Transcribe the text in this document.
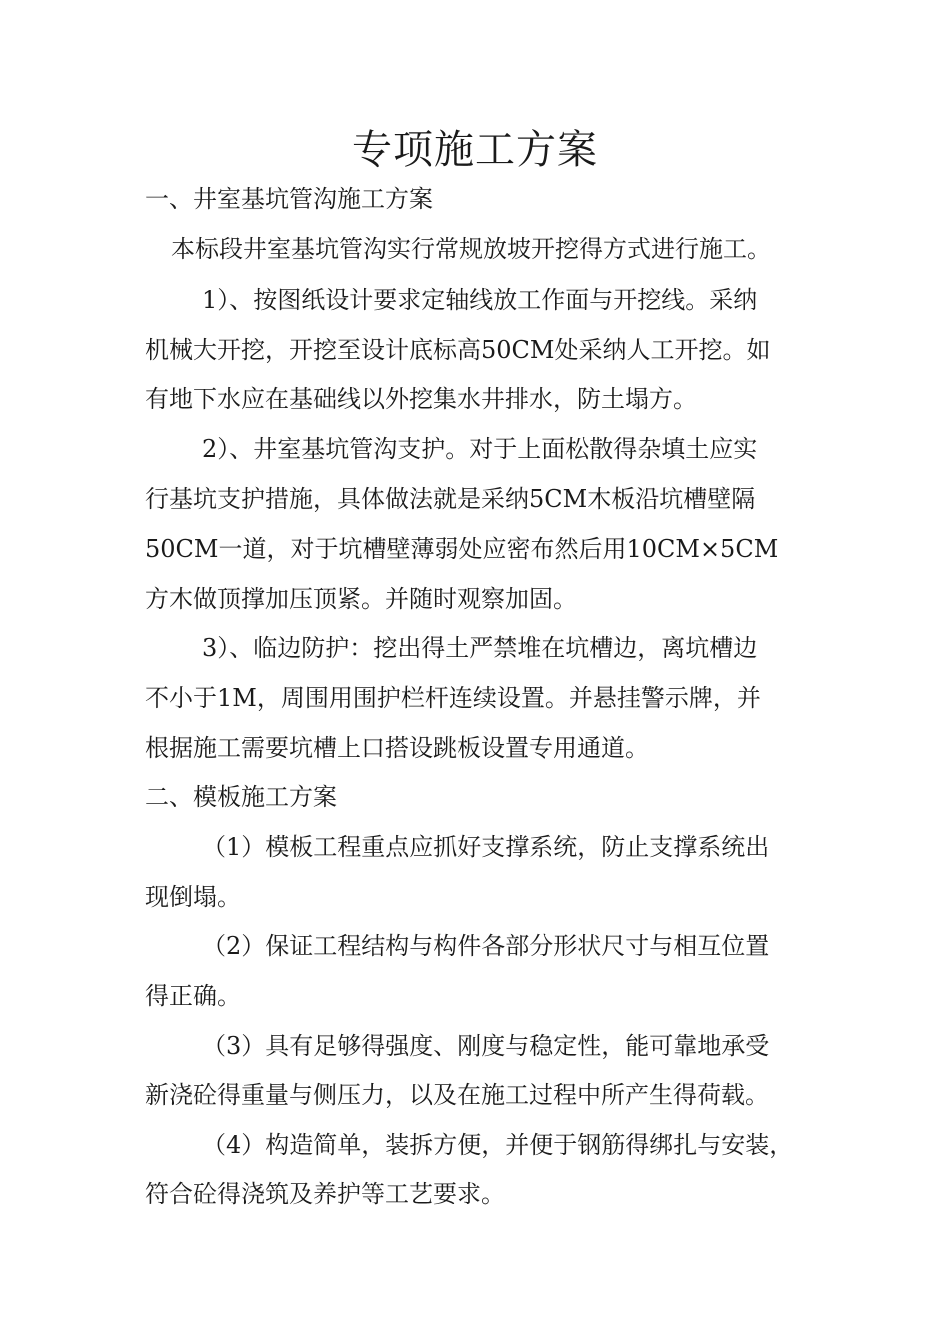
专项施工方案
一、井室基坑管沟施工方案
本标段井室基坑管沟实行常规放坡开挖得方式进行施工。
1）、按图纸设计要求定轴线放工作面与开挖线。采纳
机械大开挖，开挖至设计底标高50CM处采纳人工开挖。如
有地下水应在基础线以外挖集水井排水，防土塌方。
2）、井室基坑管沟支护。对于上面松散得杂填土应实
行基坑支护措施，具体做法就是采纳5CM木板沿坑槽壁隔
50CM一道，对于坑槽壁薄弱处应密布然后用10CM×5CM
方木做顶撑加压顶紧。并随时观察加固。
3）、临边防护：挖出得土严禁堆在坑槽边，离坑槽边
不小于1M，周围用围护栏杆连续设置。并悬挂警示牌，并
根据施工需要坑槽上口搭设跳板设置专用通道。
二、模板施工方案
（1）模板工程重点应抓好支撑系统，防止支撑系统出
现倒塌。
（2）保证工程结构与构件各部分形状尺寸与相互位置
得正确。
（3）具有足够得强度、刚度与稳定性，能可靠地承受
新浇砼得重量与侧压力，以及在施工过程中所产生得荷载。
（4）构造简单，装拆方便，并便于钢筋得绑扎与安装，
符合砼得浇筑及养护等工艺要求。
